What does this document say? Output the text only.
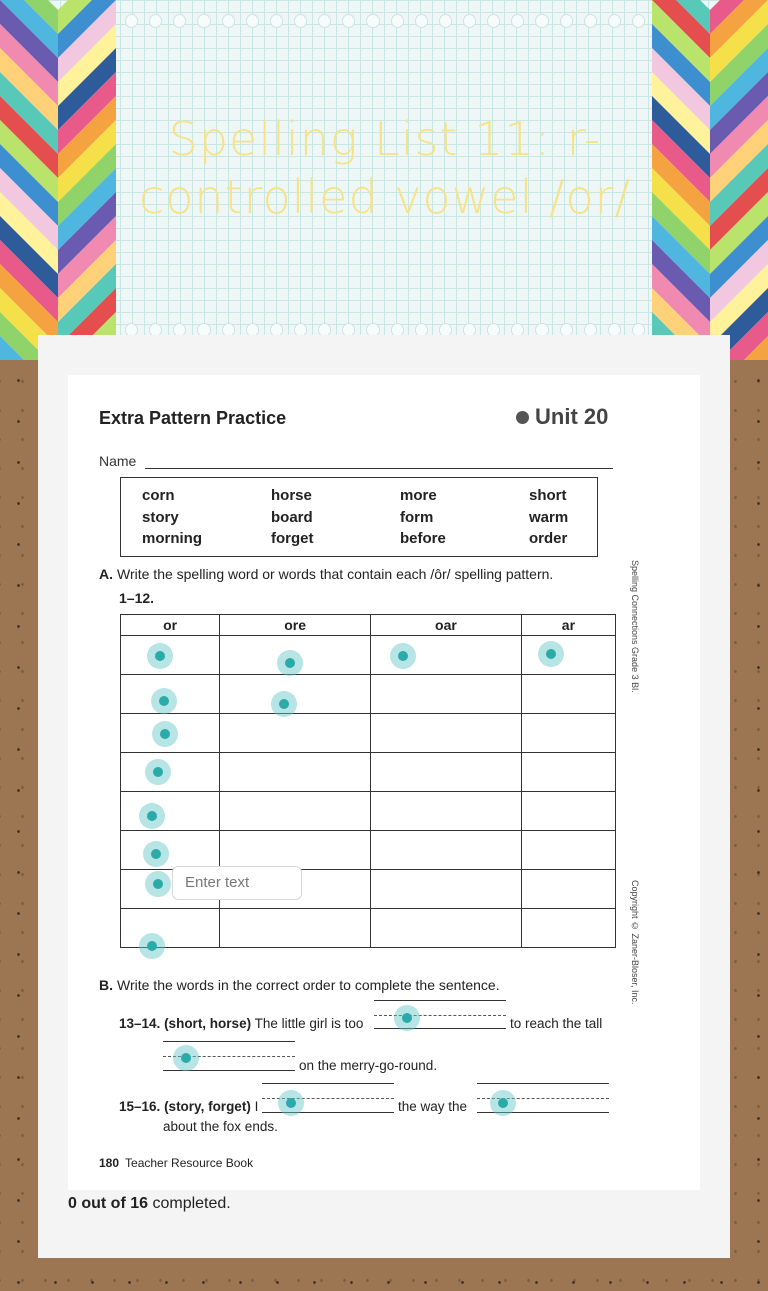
Spelling List 11: r-controlled vowel /or/
Extra Pattern Practice	Unit 20
Name
corn	horse	more	short
story	board	form	warm
morning	forget	before	order
A. Write the spelling word or words that contain each /ôr/ spelling pattern.
1–12.
or	ore	oar	ar

				Spelling Connections Grade 3 Bl.
Copyright © Zaner-Bloser, Inc.
Enter text
B. Write the words in the correct order to complete the sentence.
13–14. (short, horse) The little girl is too	to reach the tall
on the merry-go-round.
15–16. (story, forget) I	the way the
about the fox ends.
180 Teacher Resource Book
0 out of 16 completed.
